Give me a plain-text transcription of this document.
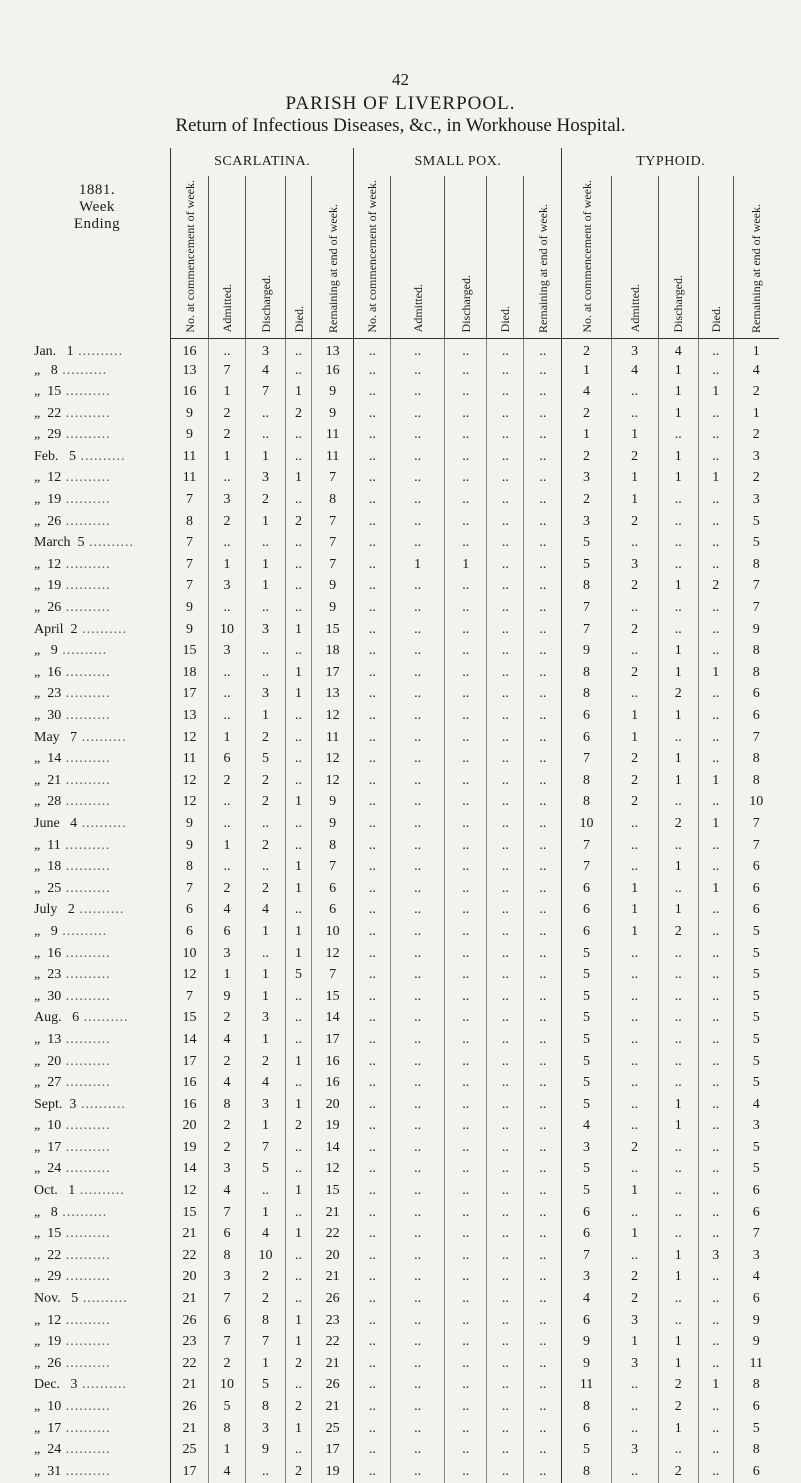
42
PARISH OF LIVERPOOL.
Return of Infectious Diseases, &c., in Workhouse Hospital.
1881.
Week
Ending	SCARLATINA.					SMALL POX.					TYPHOID.				
	No. at commencement of week.	Admitted.	Discharged.	Died.	Remaining at end of week.	No. at commencement of week.	Admitted.	Discharged.	Died.	Remaining at end of week.	No. at commencement of week.	Admitted.	Discharged.	Died.	Remaining at end of week.
Jan.   1 ..........	16	..	3	..	13	..	..	..	..	..	2	3	4	..	1
„   8 ..........	13	7	4	..	16	..	..	..	..	..	1	4	1	..	4
„  15 ..........	16	1	7	1	9	..	..	..	..	..	4	..	1	1	2
„  22 ..........	9	2	..	2	9	..	..	..	..	..	2	..	1	..	1
„  29 ..........	9	2	..	..	11	..	..	..	..	..	1	1	..	..	2
Feb.   5 ..........	11	1	1	..	11	..	..	..	..	..	2	2	1	..	3
„  12 ..........	11	..	3	1	7	..	..	..	..	..	3	1	1	1	2
„  19 ..........	7	3	2	..	8	..	..	..	..	..	2	1	..	..	3
„  26 ..........	8	2	1	2	7	..	..	..	..	..	3	2	..	..	5
March  5 ..........	7	..	..	..	7	..	..	..	..	..	5	..	..	..	5
„  12 ..........	7	1	1	..	7	..	1	1	..	..	5	3	..	..	8
„  19 ..........	7	3	1	..	9	..	..	..	..	..	8	2	1	2	7
„  26 ..........	9	..	..	..	9	..	..	..	..	..	7	..	..	..	7
April  2 ..........	9	10	3	1	15	..	..	..	..	..	7	2	..	..	9
„   9 ..........	15	3	..	..	18	..	..	..	..	..	9	..	1	..	8
„  16 ..........	18	..	..	1	17	..	..	..	..	..	8	2	1	1	8
„  23 ..........	17	..	3	1	13	..	..	..	..	..	8	..	2	..	6
„  30 ..........	13	..	1	..	12	..	..	..	..	..	6	1	1	..	6
May   7 ..........	12	1	2	..	11	..	..	..	..	..	6	1	..	..	7
„  14 ..........	11	6	5	..	12	..	..	..	..	..	7	2	1	..	8
„  21 ..........	12	2	2	..	12	..	..	..	..	..	8	2	1	1	8
„  28 ..........	12	..	2	1	9	..	..	..	..	..	8	2	..	..	10
June   4 ..........	9	..	..	..	9	..	..	..	..	..	10	..	2	1	7
„  11 ..........	9	1	2	..	8	..	..	..	..	..	7	..	..	..	7
„  18 ..........	8	..	..	1	7	..	..	..	..	..	7	..	1	..	6
„  25 ..........	7	2	2	1	6	..	..	..	..	..	6	1	..	1	6
July   2 ..........	6	4	4	..	6	..	..	..	..	..	6	1	1	..	6
„   9 ..........	6	6	1	1	10	..	..	..	..	..	6	1	2	..	5
„  16 ..........	10	3	..	1	12	..	..	..	..	..	5	..	..	..	5
„  23 ..........	12	1	1	5	7	..	..	..	..	..	5	..	..	..	5
„  30 ..........	7	9	1	..	15	..	..	..	..	..	5	..	..	..	5
Aug.   6 ..........	15	2	3	..	14	..	..	..	..	..	5	..	..	..	5
„  13 ..........	14	4	1	..	17	..	..	..	..	..	5	..	..	..	5
„  20 ..........	17	2	2	1	16	..	..	..	..	..	5	..	..	..	5
„  27 ..........	16	4	4	..	16	..	..	..	..	..	5	..	..	..	5
Sept.  3 ..........	16	8	3	1	20	..	..	..	..	..	5	..	1	..	4
„  10 ..........	20	2	1	2	19	..	..	..	..	..	4	..	1	..	3
„  17 ..........	19	2	7	..	14	..	..	..	..	..	3	2	..	..	5
„  24 ..........	14	3	5	..	12	..	..	..	..	..	5	..	..	..	5
Oct.   1 ..........	12	4	..	1	15	..	..	..	..	..	5	1	..	..	6
„   8 ..........	15	7	1	..	21	..	..	..	..	..	6	..	..	..	6
„  15 ..........	21	6	4	1	22	..	..	..	..	..	6	1	..	..	7
„  22 ..........	22	8	10	..	20	..	..	..	..	..	7	..	1	3	3
„  29 ..........	20	3	2	..	21	..	..	..	..	..	3	2	1	..	4
Nov.   5 ..........	21	7	2	..	26	..	..	..	..	..	4	2	..	..	6
„  12 ..........	26	6	8	1	23	..	..	..	..	..	6	3	..	..	9
„  19 ..........	23	7	7	1	22	..	..	..	..	..	9	1	1	..	9
„  26 ..........	22	2	1	2	21	..	..	..	..	..	9	3	1	..	11
Dec.   3 ..........	21	10	5	..	26	..	..	..	..	..	11	..	2	1	8
„  10 ..........	26	5	8	2	21	..	..	..	..	..	8	..	2	..	6
„  17 ..........	21	8	3	1	25	..	..	..	..	..	6	..	1	..	5
„  24 ..........	25	1	9	..	17	..	..	..	..	..	5	3	..	..	8
„  31 ..........	17	4	..	2	19	..	..	..	..	..	8	..	2	..	6
